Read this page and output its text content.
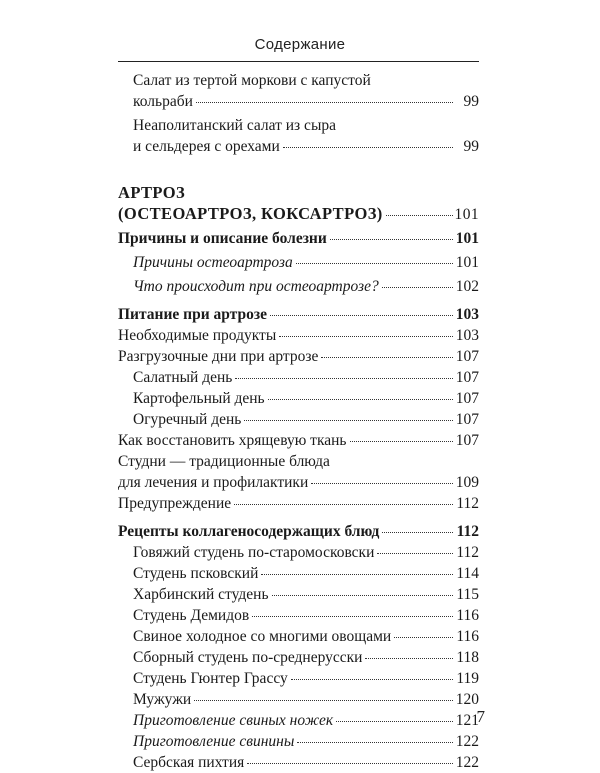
Содержание
Салат из тертой моркови с капустой
кольраби	99
Неаполитанский салат из сыра
и сельдерея с орехами	99
АРТРОЗ
(ОСТЕОАРТРОЗ, КОКСАРТРОЗ)	101
Причины и описание болезни	101
Причины остеоартроза	101
Что происходит при остеоартрозе?	102
Питание при артрозе	103
Необходимые продукты	103
Разгрузочные дни при артрозе	107
Салатный день	107
Картофельный день	107
Огуречный день	107
Как восстановить хрящевую ткань	107
Студни — традиционные блюда
для лечения и профилактики	109
Предупреждение	112
Рецепты коллагеносодержащих блюд	112
Говяжий студень по-старомосковски	112
Студень псковский	114
Харбинский студень	115
Студень Демидов	116
Свиное холодное со многими овощами	116
Сборный студень по-среднерусски	118
Студень Гюнтер Грассу	119
Мужужи	120
Приготовление свиных ножек	121
Приготовление свинины	122
Сербская пихтия	122
7
